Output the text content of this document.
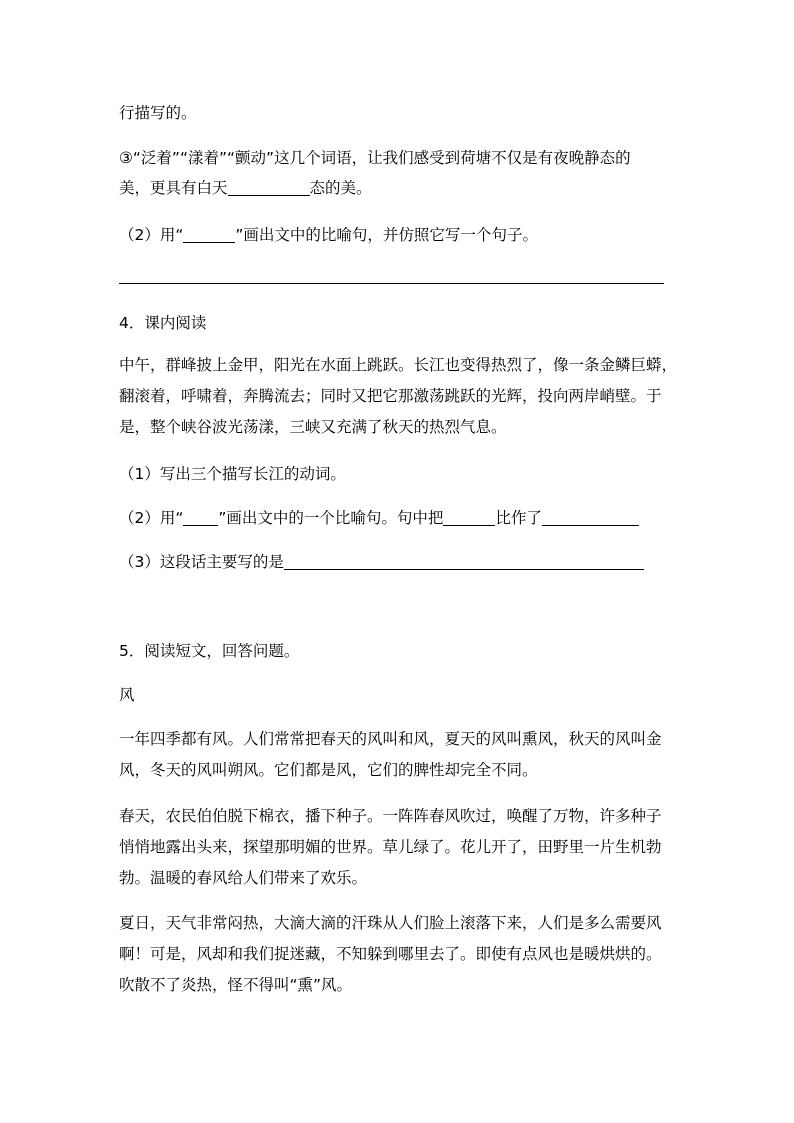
行描写的。
③“泛着”“漾着”“颤动”这几个词语，让我们感受到荷塘不仅是有夜晚静态的
美，更具有白天	态的美。
（2）用“	”画出文中的比喻句，并仿照它写一个句子。
4．课内阅读
中午，群峰披上金甲，阳光在水面上跳跃。长江也变得热烈了，像一条金鳞巨蟒，
翻滚着，呼啸着，奔腾流去；同时又把它那激荡跳跃的光辉，投向两岸峭壁。于
是，整个峡谷波光荡漾，三峡又充满了秋天的热烈气息。
（1）写出三个描写长江的动词。
（2）用“ ”画出文中的一个比喻句。句中把	比作了
（3）这段话主要写的是
5．阅读短文，回答问题。
风
一年四季都有风。人们常常把春天的风叫和风，夏天的风叫熏风，秋天的风叫金
风，冬天的风叫朔风。它们都是风，它们的脾性却完全不同。
春天，农民伯伯脱下棉衣，播下种子。一阵阵春风吹过，唤醒了万物，许多种子
悄悄地露出头来，探望那明媚的世界。草儿绿了。花儿开了，田野里一片生机勃
勃。温暖的春风给人们带来了欢乐。
夏日，天气非常闷热，大滴大滴的汗珠从人们脸上滚落下来，人们是多么需要风
啊！可是，风却和我们捉迷藏，不知躲到哪里去了。即使有点风也是暖烘烘的。
吹散不了炎热，怪不得叫“熏”风。
